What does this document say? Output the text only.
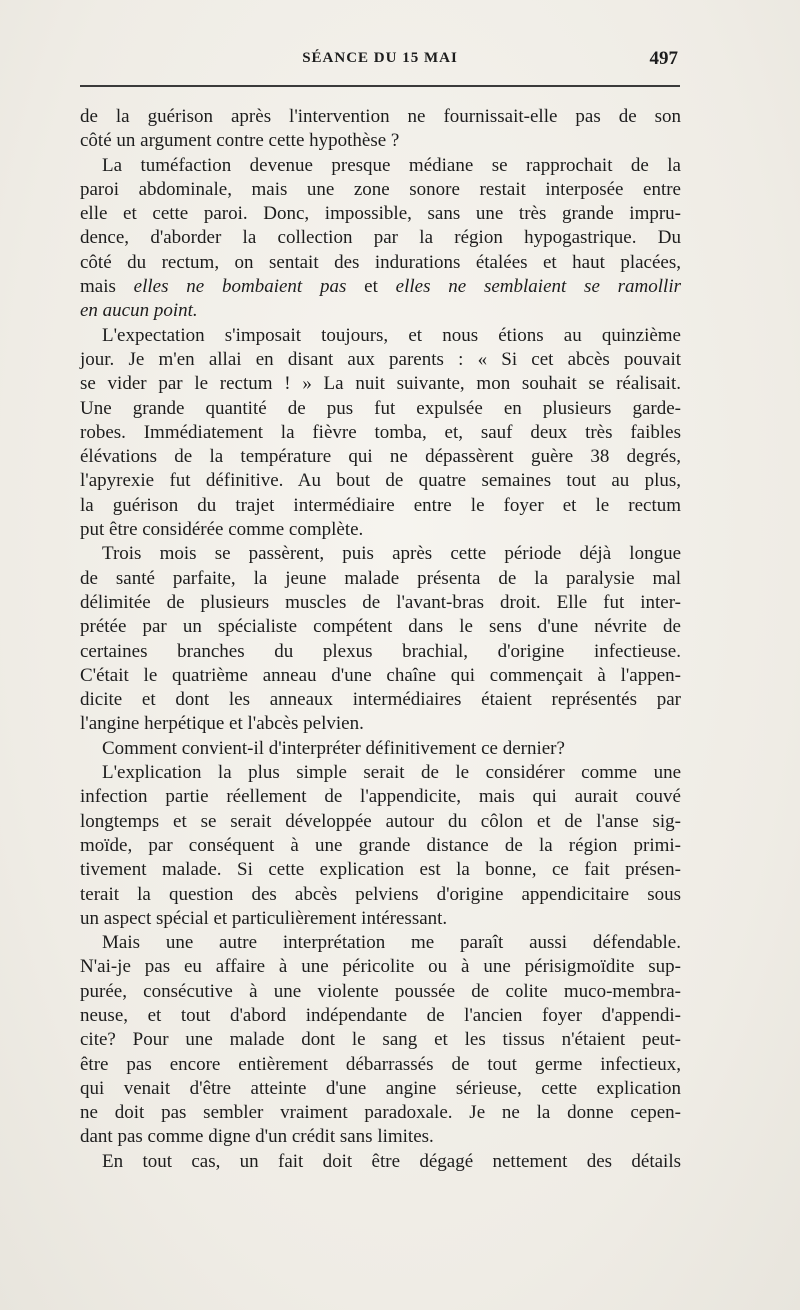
SÉANCE DU 15 MAI	497
de la guérison après l'intervention ne fournissait-elle pas de son
côté un argument contre cette hypothèse ?
La tuméfaction devenue presque médiane se rapprochait de la
paroi abdominale, mais une zone sonore restait interposée entre
elle et cette paroi. Donc, impossible, sans une très grande impru-
dence, d'aborder la collection par la région hypogastrique. Du
côté du rectum, on sentait des indurations étalées et haut placées,
mais elles ne bombaient pas et elles ne semblaient se ramollir
en aucun point.
L'expectation s'imposait toujours, et nous étions au quinzième
jour. Je m'en allai en disant aux parents : « Si cet abcès pouvait
se vider par le rectum ! » La nuit suivante, mon souhait se réalisait.
Une grande quantité de pus fut expulsée en plusieurs garde-
robes. Immédiatement la fièvre tomba, et, sauf deux très faibles
élévations de la température qui ne dépassèrent guère 38 degrés,
l'apyrexie fut définitive. Au bout de quatre semaines tout au plus,
la guérison du trajet intermédiaire entre le foyer et le rectum
put être considérée comme complète.
Trois mois se passèrent, puis après cette période déjà longue
de santé parfaite, la jeune malade présenta de la paralysie mal
délimitée de plusieurs muscles de l'avant-bras droit. Elle fut inter-
prétée par un spécialiste compétent dans le sens d'une névrite de
certaines branches du plexus brachial, d'origine infectieuse.
C'était le quatrième anneau d'une chaîne qui commençait à l'appen-
dicite et dont les anneaux intermédiaires étaient représentés par
l'angine herpétique et l'abcès pelvien.
Comment convient-il d'interpréter définitivement ce dernier?
L'explication la plus simple serait de le considérer comme une
infection partie réellement de l'appendicite, mais qui aurait couvé
longtemps et se serait développée autour du côlon et de l'anse sig-
moïde, par conséquent à une grande distance de la région primi-
tivement malade. Si cette explication est la bonne, ce fait présen-
terait la question des abcès pelviens d'origine appendicitaire sous
un aspect spécial et particulièrement intéressant.
Mais une autre interprétation me paraît aussi défendable.
N'ai-je pas eu affaire à une péricolite ou à une périsigmoïdite sup-
purée, consécutive à une violente poussée de colite muco-membra-
neuse, et tout d'abord indépendante de l'ancien foyer d'appendi-
cite? Pour une malade dont le sang et les tissus n'étaient peut-
être pas encore entièrement débarrassés de tout germe infectieux,
qui venait d'être atteinte d'une angine sérieuse, cette explication
ne doit pas sembler vraiment paradoxale. Je ne la donne cepen-
dant pas comme digne d'un crédit sans limites.
En tout cas, un fait doit être dégagé nettement des détails
